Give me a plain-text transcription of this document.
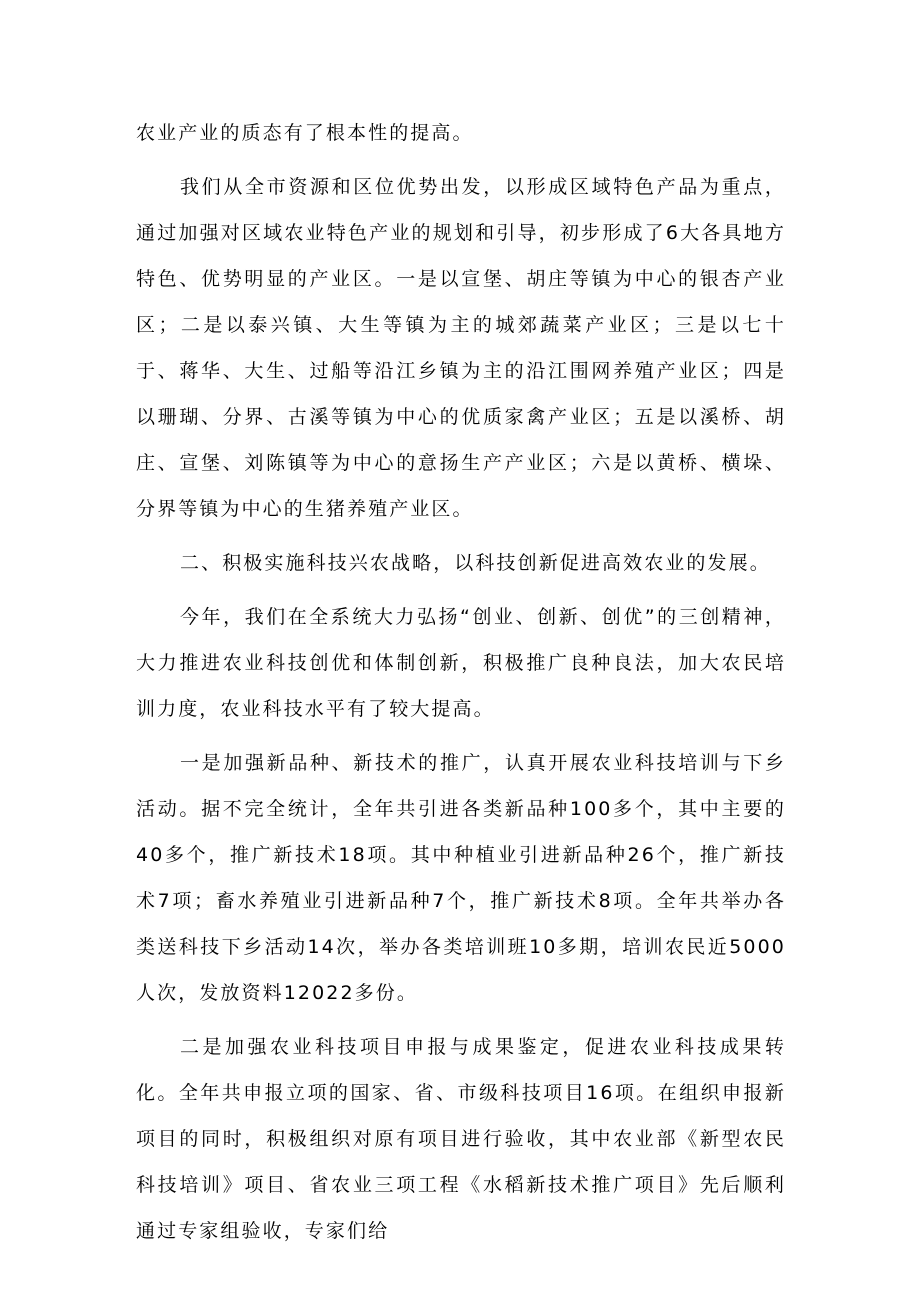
农业产业的质态有了根本性的提高。

我们从全市资源和区位优势出发，以形成区域特色产品为重点，通过加强对区域农业特色产业的规划和引导，初步形成了6大各具地方特色、优势明显的产业区。一是以宣堡、胡庄等镇为中心的银杏产业区；二是以泰兴镇、大生等镇为主的城郊蔬菜产业区；三是以七十于、蒋华、大生、过船等沿江乡镇为主的沿江围网养殖产业区；四是以珊瑚、分界、古溪等镇为中心的优质家禽产业区；五是以溪桥、胡庄、宣堡、刘陈镇等为中心的意扬生产产业区；六是以黄桥、横垛、分界等镇为中心的生猪养殖产业区。

二、积极实施科技兴农战略，以科技创新促进高效农业的发展。

今年，我们在全系统大力弘扬“创业、创新、创优”的三创精神，大力推进农业科技创优和体制创新，积极推广良种良法，加大农民培训力度，农业科技水平有了较大提高。

一是加强新品种、新技术的推广，认真开展农业科技培训与下乡活动。据不完全统计，全年共引进各类新品种100多个，其中主要的40多个，推广新技术18项。其中种植业引进新品种26个，推广新技术7项；畜水养殖业引进新品种7个，推广新技术8项。全年共举办各类送科技下乡活动14次，举办各类培训班10多期，培训农民近5000人次，发放资料12022多份。

二是加强农业科技项目申报与成果鉴定，促进农业科技成果转化。全年共申报立项的国家、省、市级科技项目16项。在组织申报新项目的同时，积极组织对原有项目进行验收，其中农业部《新型农民科技培训》项目、省农业三项工程《水稻新技术推广项目》先后顺利通过专家组验收，专家们给
